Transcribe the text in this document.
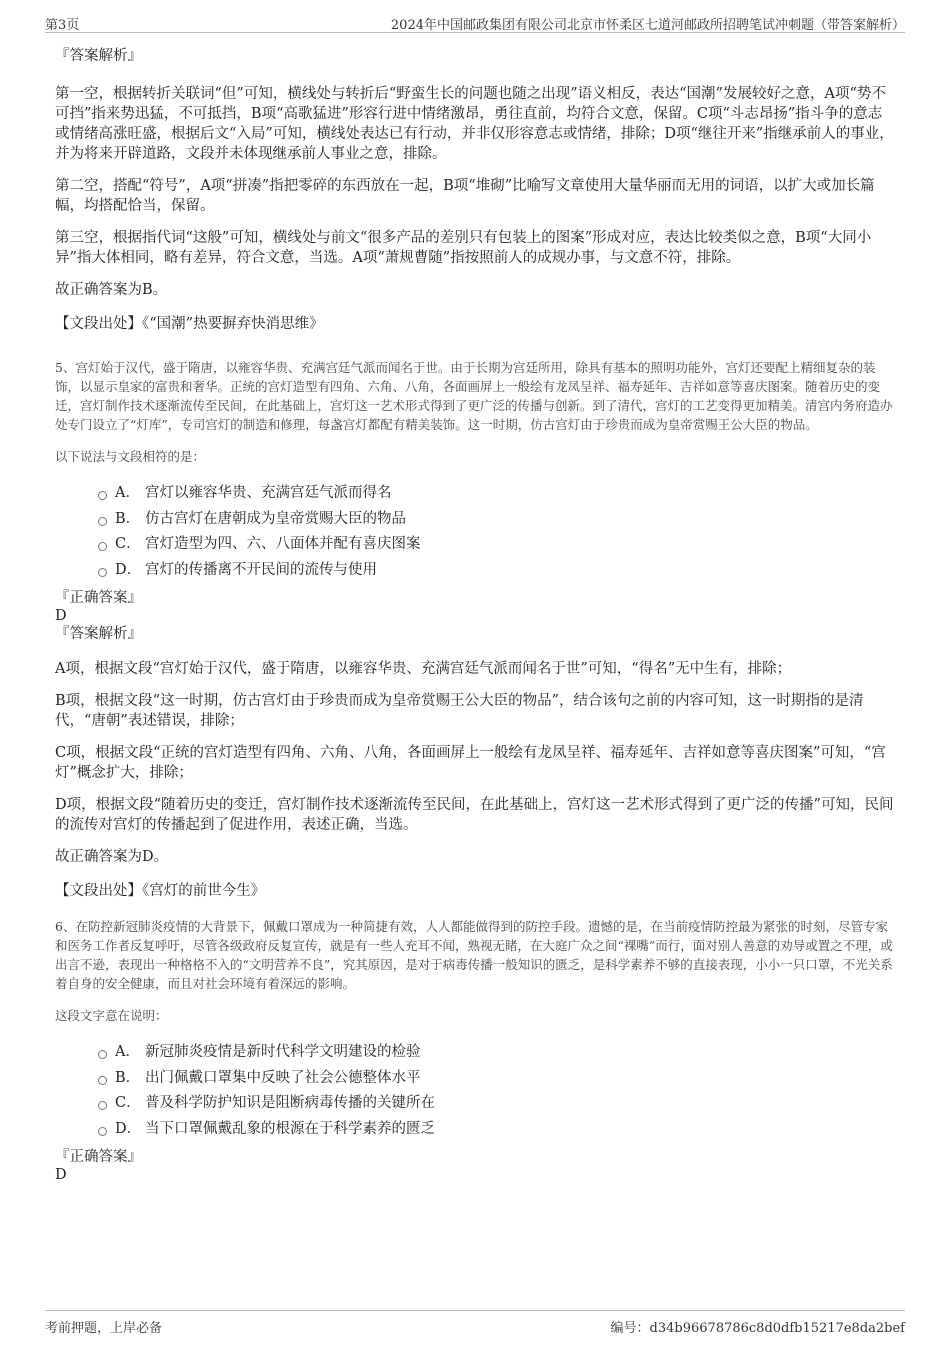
第3页	2024年中国邮政集团有限公司北京市怀柔区七道河邮政所招聘笔试冲刺题（带答案解析）

『答案解析』

第一空，根据转折关联词“但”可知，横线处与转折后“野蛮生长的问题也随之出现”语义相反，表达“国潮”发展较好之意，A项“势不可挡”指来势迅猛，不可抵挡，B项“高歌猛进”形容行进中情绪激昂，勇往直前，均符合文意，保留。C项“斗志昂扬”指斗争的意志或情绪高涨旺盛，根据后文“入局”可知，横线处表达已有行动，并非仅形容意志或情绪，排除；D项“继往开来”指继承前人的事业，并为将来开辟道路，文段并未体现继承前人事业之意，排除。

第二空，搭配“符号”，A项“拼凑”指把零碎的东西放在一起，B项“堆砌”比喻写文章使用大量华丽而无用的词语，以扩大或加长篇幅，均搭配恰当，保留。

第三空，根据指代词“这般”可知，横线处与前文“很多产品的差别只有包装上的图案”形成对应，表达比较类似之意，B项“大同小异”指大体相同，略有差异，符合文意，当选。A项“萧规曹随”指按照前人的成规办事，与文意不符，排除。

故正确答案为B。

【文段出处】《“国潮”热要摒弃快消思维》

5、宫灯始于汉代，盛于隋唐，以雍容华贵、充满宫廷气派而闻名于世。由于长期为宫廷所用，除具有基本的照明功能外，宫灯还要配上精细复杂的装饰，以显示皇家的富贵和奢华。正统的宫灯造型有四角、六角、八角，各面画屏上一般绘有龙凤呈祥、福寿延年、吉祥如意等喜庆图案。随着历史的变迁，宫灯制作技术逐渐流传至民间，在此基础上，宫灯这一艺术形式得到了更广泛的传播与创新。到了清代，宫灯的工艺变得更加精美。清宫内务府造办处专门设立了“灯库”，专司宫灯的制造和修理，每盏宫灯都配有精美装饰。这一时期，仿古宫灯由于珍贵而成为皇帝赏赐王公大臣的物品。

以下说法与文段相符的是：

A． 宫灯以雍容华贵、充满宫廷气派而得名
B． 仿古宫灯在唐朝成为皇帝赏赐大臣的物品
C． 宫灯造型为四、六、八面体并配有喜庆图案
D． 宫灯的传播离不开民间的流传与使用

『正确答案』

D

『答案解析』

A项，根据文段“宫灯始于汉代，盛于隋唐，以雍容华贵、充满宫廷气派而闻名于世”可知，“得名”无中生有，排除；

B项，根据文段“这一时期，仿古宫灯由于珍贵而成为皇帝赏赐王公大臣的物品”，结合该句之前的内容可知，这一时期指的是清代，“唐朝”表述错误，排除；

C项，根据文段“正统的宫灯造型有四角、六角、八角，各面画屏上一般绘有龙凤呈祥、福寿延年、吉祥如意等喜庆图案”可知，“宫灯”概念扩大，排除；

D项，根据文段“随着历史的变迁，宫灯制作技术逐渐流传至民间，在此基础上，宫灯这一艺术形式得到了更广泛的传播”可知，民间的流传对宫灯的传播起到了促进作用，表述正确，当选。

故正确答案为D。

【文段出处】《宫灯的前世今生》

6、在防控新冠肺炎疫情的大背景下，佩戴口罩成为一种简捷有效，人人都能做得到的防控手段。遗憾的是，在当前疫情防控最为紧张的时刻，尽管专家和医务工作者反复呼吁，尽管各级政府反复宣传，就是有一些人充耳不闻，熟视无睹，在大庭广众之间“裸嘴”而行，面对别人善意的劝导或置之不理，或出言不逊，表现出一种格格不入的“文明营养不良”，究其原因，是对于病毒传播一般知识的匮乏，是科学素养不够的直接表现，小小一只口罩，不光关系着自身的安全健康，而且对社会环境有着深远的影响。

这段文字意在说明：

A． 新冠肺炎疫情是新时代科学文明建设的检验
B． 出门佩戴口罩集中反映了社会公德整体水平
C． 普及科学防护知识是阻断病毒传播的关键所在
D． 当下口罩佩戴乱象的根源在于科学素养的匮乏

『正确答案』

D

考前押题，上岸必备	编号：d34b96678786c8d0dfb15217e8da2bef
